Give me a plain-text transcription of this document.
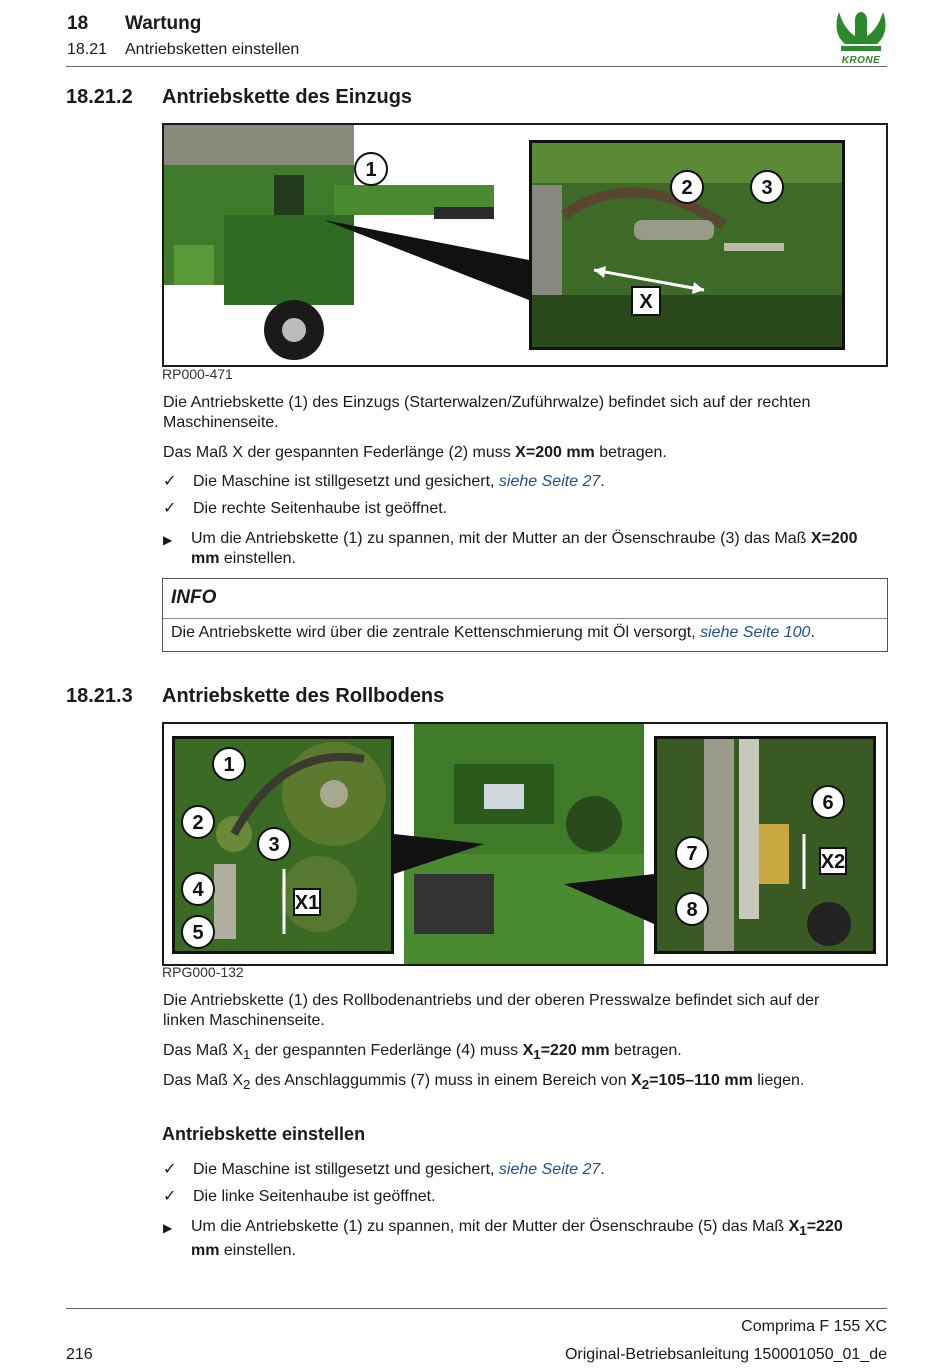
18 Wartung
18.21 Antriebsketten einstellen
KRONE
18.21.2 Antriebskette des Einzugs
1
2	3
X
RP000-471
Die Antriebskette (1) des Einzugs (Starterwalzen/Zuführwalze) befindet sich auf der rechten Maschinenseite.
Das Maß X der gespannten Federlänge (2) muss X=200 mm betragen.
✓ Die Maschine ist stillgesetzt und gesichert, siehe Seite 27.
✓ Die rechte Seitenhaube ist geöffnet.
▶ Um die Antriebskette (1) zu spannen, mit der Mutter an der Ösenschraube (3) das Maß X=200 mm einstellen.
INFO
Die Antriebskette wird über die zentrale Kettenschmierung mit Öl versorgt, siehe Seite 100.
18.21.3 Antriebskette des Rollbodens
1
2
3
4
5
6
7
8
X1
X2
RPG000-132
Die Antriebskette (1) des Rollbodenantriebs und der oberen Presswalze befindet sich auf der linken Maschinenseite.
Das Maß $X_1$ der gespannten Federlänge (4) muss $X_1=220$ mm betragen.
Das Maß $X_2$ des Anschlaggummis (7) muss in einem Bereich von $X_2=105-110$ mm liegen.
Antriebskette einstellen
✓ Die Maschine ist stillgesetzt und gesichert, siehe Seite 27.
✓ Die linke Seitenhaube ist geöffnet.
▶ Um die Antriebskette (1) zu spannen, mit der Mutter der Ösenschraube (5) das Maß $X_1=220$ mm einstellen.
Comprima F 155 XC
216	Original-Betriebsanleitung 150001050_01_de
